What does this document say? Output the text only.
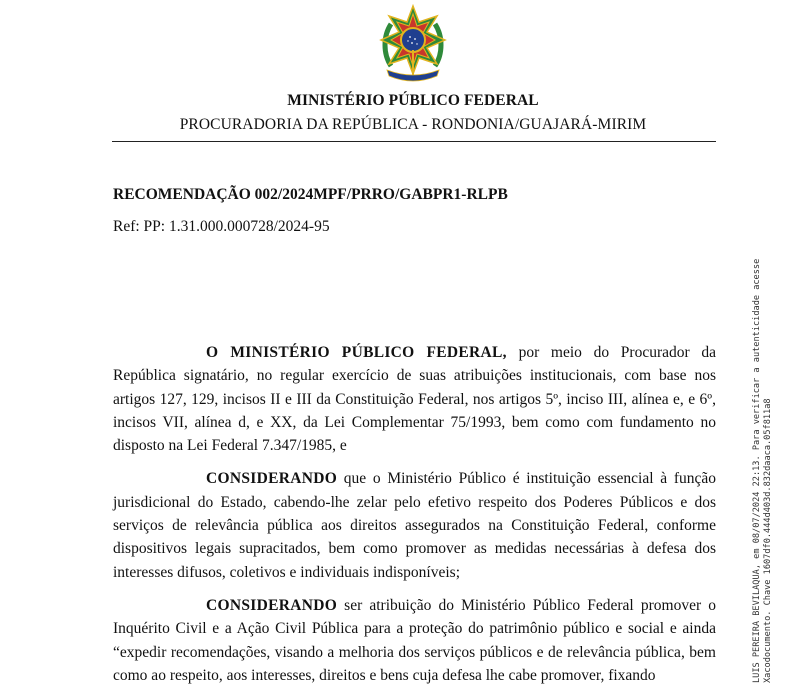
MINISTÉRIO PÚBLICO FEDERAL
PROCURADORIA DA REPÚBLICA - RONDONIA/GUAJARÁ-MIRIM
RECOMENDAÇÃO 002/2024MPF/PRRO/GABPR1-RLPB
Ref: PP: 1.31.000.000728/2024-95

O MINISTÉRIO PÚBLICO FEDERAL, por meio do Procurador da República signatário, no regular exercício de suas atribuições institucionais, com base nos artigos 127, 129, incisos II e III da Constituição Federal, nos artigos 5º, inciso III, alínea e, e 6º, incisos VII, alínea d, e XX, da Lei Complementar 75/1993, bem como com fundamento no disposto na Lei Federal 7.347/1985, e

CONSIDERANDO que o Ministério Público é instituição essencial à função jurisdicional do Estado, cabendo-lhe zelar pelo efetivo respeito dos Poderes Públicos e dos serviços de relevância pública aos direitos assegurados na Constituição Federal, conforme dispositivos legais supracitados, bem como promover as medidas necessárias à defesa dos interesses difusos, coletivos e individuais indisponíveis;

CONSIDERANDO ser atribuição do Ministério Público Federal promover o Inquérito Civil e a Ação Civil Pública para a proteção do patrimônio público e social e ainda “expedir recomendações, visando a melhoria dos serviços públicos e de relevância pública, bem como ao respeito, aos interesses, direitos e bens cuja defesa lhe cabe promover, fixando	LUIS PEREIRA BEVILAQUA, em 08/07/2024 22:13. Para verificar a autenticidade acesse Xacodocumento. Chave 1607df0.444d403d.832daaca.05f811a8
